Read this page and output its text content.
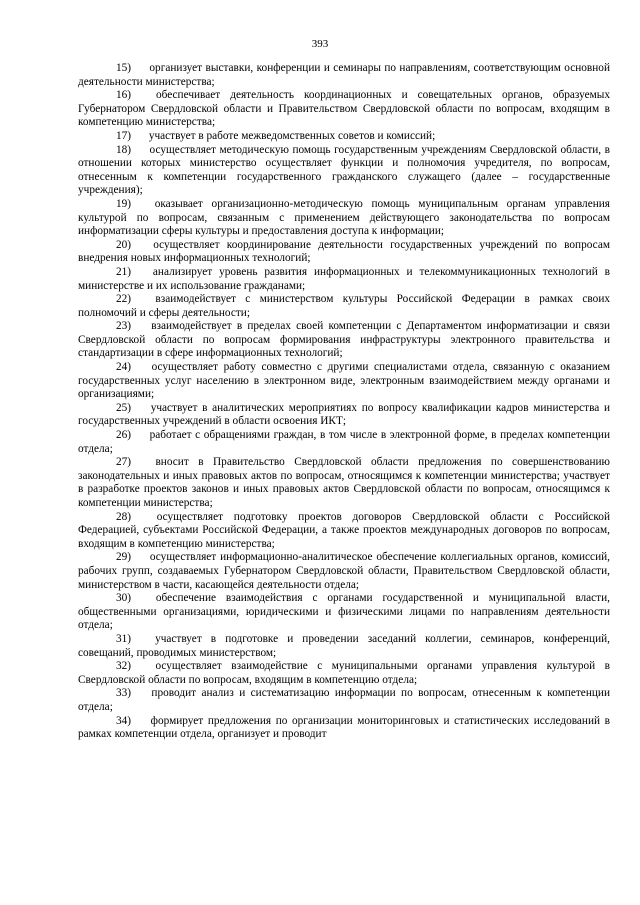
393

15) организует выставки, конференции и семинары по направлениям, соответствующим основной деятельности министерства;

16) обеспечивает деятельность координационных и совещательных органов, образуемых Губернатором Свердловской области и Правительством Свердловской области по вопросам, входящим в компетенцию министерства;

17) участвует в работе межведомственных советов и комиссий;

18) осуществляет методическую помощь государственным учреждениям Свердловской области, в отношении которых министерство осуществляет функции и полномочия учредителя, по вопросам, отнесенным к компетенции государственного гражданского служащего (далее – государственные учреждения);

19) оказывает организационно-методическую помощь муниципальным органам управления культурой по вопросам, связанным с применением действующего законодательства по вопросам информатизации сферы культуры и предоставления доступа к информации;

20) осуществляет координирование деятельности государственных учреждений по вопросам внедрения новых информационных технологий;

21) анализирует уровень развития информационных и телекоммуникационных технологий в министерстве и их использование гражданами;

22) взаимодействует с министерством культуры Российской Федерации в рамках своих полномочий и сферы деятельности;

23) взаимодействует в пределах своей компетенции с Департаментом информатизации и связи Свердловской области по вопросам формирования инфраструктуры электронного правительства и стандартизации в сфере информационных технологий;

24) осуществляет работу совместно с другими специалистами отдела, связанную с оказанием государственных услуг населению в электронном виде, электронным взаимодействием между органами и организациями;

25) участвует в аналитических мероприятиях по вопросу квалификации кадров министерства и государственных учреждений в области освоения ИКТ;

26) работает с обращениями граждан, в том числе в электронной форме, в пределах компетенции отдела;

27) вносит в Правительство Свердловской области предложения по совершенствованию законодательных и иных правовых актов по вопросам, относящимся к компетенции министерства; участвует в разработке проектов законов и иных правовых актов Свердловской области по вопросам, относящимся к компетенции министерства;

28) осуществляет подготовку проектов договоров Свердловской области с Российской Федерацией, субъектами Российской Федерации, а также проектов международных договоров по вопросам, входящим в компетенцию министерства;

29) осуществляет информационно-аналитическое обеспечение коллегиальных органов, комиссий, рабочих групп, создаваемых Губернатором Свердловской области, Правительством Свердловской области, министерством в части, касающейся деятельности отдела;

30) обеспечение взаимодействия с органами государственной и муниципальной власти, общественными организациями, юридическими и физическими лицами по направлениям деятельности отдела;

31) участвует в подготовке и проведении заседаний коллегии, семинаров, конференций, совещаний, проводимых министерством;

32) осуществляет взаимодействие с муниципальными органами управления культурой в Свердловской области по вопросам, входящим в компетенцию отдела;

33) проводит анализ и систематизацию информации по вопросам, отнесенным к компетенции отдела;

34) формирует предложения по организации мониторинговых и статистических исследований в рамках компетенции отдела, организует и проводит
